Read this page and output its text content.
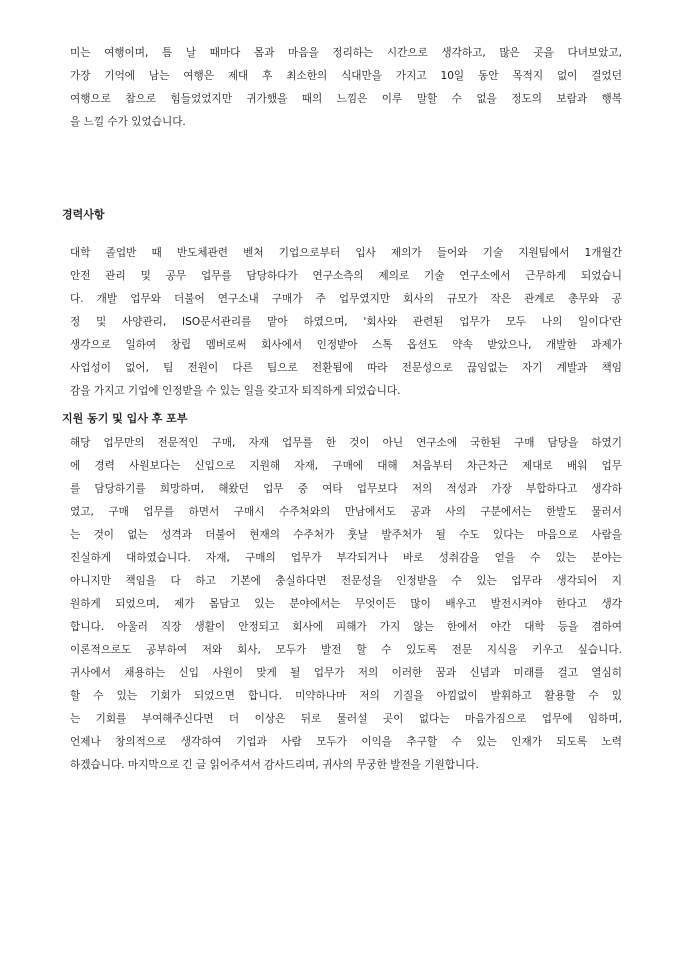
미는 여행이며, 틈 날 때마다 몸과 마음을 정리하는 시간으로 생각하고, 많은 곳을 다녀보았고,
가장 기억에 남는 여행은 제대 후 최소한의 식대만을 가지고 10일 동안 목적지 없이 걸었던
여행으로 참으로 힘들었었지만 귀가했을 때의 느낌은 이루 말할 수 없을 정도의 보람과 행복
을 느낄 수가 있었습니다.
경력사항
대학 졸업반 때 반도체관련 벤처 기업으로부터 입사 제의가 들어와 기술 지원팀에서 1개월간
안전 관리 및 공무 업무를 담당하다가 연구소측의 제의로 기술 연구소에서 근무하게 되었습니
다. 개발 업무와 더불어 연구소내 구매가 주 업무였지만 회사의 규모가 작은 관계로 총무와 공
정 및 사양관리, ISO문서관리를 맡아 하였으며, '회사와 관련된 업무가 모두 나의 일이다'란
생각으로 일하여 창립 멤버로써 회사에서 인정받아 스톡 옵션도 약속 받았으나, 개발한 과제가
사업성이 없어, 팀 전원이 다른 팀으로 전환됨에 따라 전문성으로 끊임없는 자기 계발과 책임
감을 가지고 기업에 인정받을 수 있는 일을 갖고자 퇴직하게 되었습니다.
지원 동기 및 입사 후 포부
해당 업무만의 전문적인 구매, 자재 업무를 한 것이 아닌 연구소에 국한된 구매 담당을 하였기
에 경력 사원보다는 신입으로 지원해 자재, 구매에 대해 처음부터 차근차근 제대로 배워 업무
를 담당하기를 희망하며, 해왔던 업무 중 여타 업무보다 저의 적성과 가장 부합하다고 생각하
였고, 구매 업무를 하면서 구매시 수주처와의 만남에서도 공과 사의 구분에서는 한발도 물러서
는 것이 없는 성격과 더불어 현재의 수주처가 훗날 발주처가 될 수도 있다는 마음으로 사람을
진실하게 대하였습니다. 자재, 구매의 업무가 부각되거나 바로 성취감을 얻을 수 있는 분야는
아니지만 책임을 다 하고 기본에 충실하다면 전문성을 인정받을 수 있는 업무라 생각되어 지
원하게 되었으며, 제가 몸담고 있는 분야에서는 무엇이든 많이 배우고 발전시켜야 한다고 생각
합니다. 아울러 직장 생활이 안정되고 회사에 피해가 가지 않는 한에서 야간 대학 등을 겸하여
이론적으로도 공부하여 저와 회사, 모두가 발전 할 수 있도록 전문 지식을 키우고 싶습니다.
귀사에서 채용하는 신입 사원이 맞게 될 업무가 저의 이러한 꿈과 신념과 미래를 걸고 열심히
할 수 있는 기회가 되었으면 합니다. 미약하나마 저의 기질을 아낌없이 발휘하고 활용할 수 있
는 기회를 부여해주신다면 더 이상은 뒤로 물러설 곳이 없다는 마음가짐으로 업무에 임하며,
언제나 창의적으로 생각하여 기업과 사람 모두가 이익을 추구할 수 있는 인재가 되도록 노력
하겠습니다. 마지막으로 긴 글 읽어주셔서 감사드리며, 귀사의 무궁한 발전을 기원합니다.
